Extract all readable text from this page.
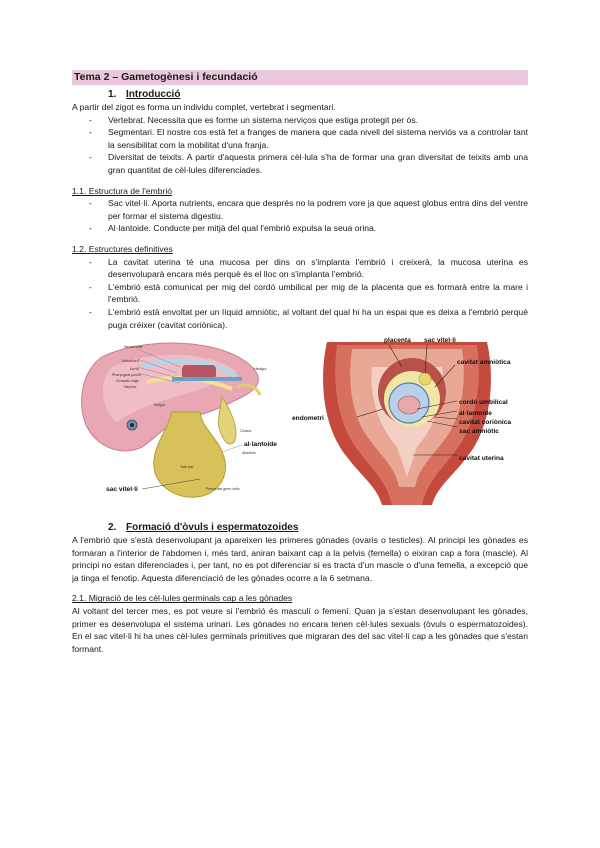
Tema 2 – Gametogènesi i fecundació
1. Introducció

A partir del zigot es forma un individu complet, vertebrat i segmentari.

- Vertebrat. Necessita que es forme un sistema nerviços que estiga protegit per ós.
- Segmentari. El nostre cos està fet a franges de manera que cada nivell del sistema nerviós va a controlar tant la sensibilitat com la mobilitat d'una franja.
- Diversitat de teixits. A partir d'aquesta primera cèl·lula s'ha de formar una gran diversitat de teixits amb una gran quantitat de cèl·lules diferenciades.
1.1. Estructura de l'embrió
- Sac vitel·li. Aporta nutrients, encara que després no la podrem vore ja que aquest globus entra dins del ventre per formar el sistema digestiu.
- Al·lantoide. Conducte per mitjà del qual l'embrió expulsa la seua orina.
1.2. Estructures definitives
- La cavitat uterina té una mucosa per dins on s'implanta l'embrió i creixerà, la mucosa uterina es desenvoluparà encara més perquè és el lloc on s'implanta l'embrió.
- L'embrió està comunicat per mig del cordó umbilical per mig de la placenta que es formarà entre la mare i l'embrió.
- L'embrió està envoltat per un líquid amniòtic, al voltant del qual hi ha un espai que es deixa a l'embrió perquè puga créixer (cavitat coriònica).
Neural tube
Notochord
Aorta
Pharyngeal pouch
Gonadal ridge
Nephric
Hindgut
Midgut
Cloaca
Allantois
Yolk sac
Primordial germ cells
al·lantoide
sac vitel·li
placenta sac vitel·li
cavitat amniòtica
endometri
cordó umbilical
al·lantoide
cavitat coriònica
sac amniòtic
cavitat uterina
2. Formació d'òvuls i espermatozoides

A l'embrió que s'està desenvolupant ja apareixen les primeres gònades (ovaris o testicles). Al principi les gònades es formaran a l'interior de l'abdomen i, més tard, aniran baixant cap a la pelvis (femella) o eixiran cap a fora (mascle). Al principi no estan diferenciades i, per tant, no es pot diferenciar si es tracta d'un mascle o d'una femella, a excepció que ja tinga el fenotip. Aquesta diferenciació de les gònades ocorre a la 6 setmana.

2.1. Migració de les cèl·lules germinals cap a les gònades

Al voltant del tercer mes, es pot veure si l'embrió és masculí o femení. Quan ja s'estan desenvolupant les gònades, primer es desenvolupa el sistema urinari. Les gònades no encara tenen cèl·lules sexuals (òvuls o espermatozoides). En el sac vitel·li hi ha unes cèl·lules germinals primitives que migraran des del sac vitel·li cap a les gònades que s'estan formant.
